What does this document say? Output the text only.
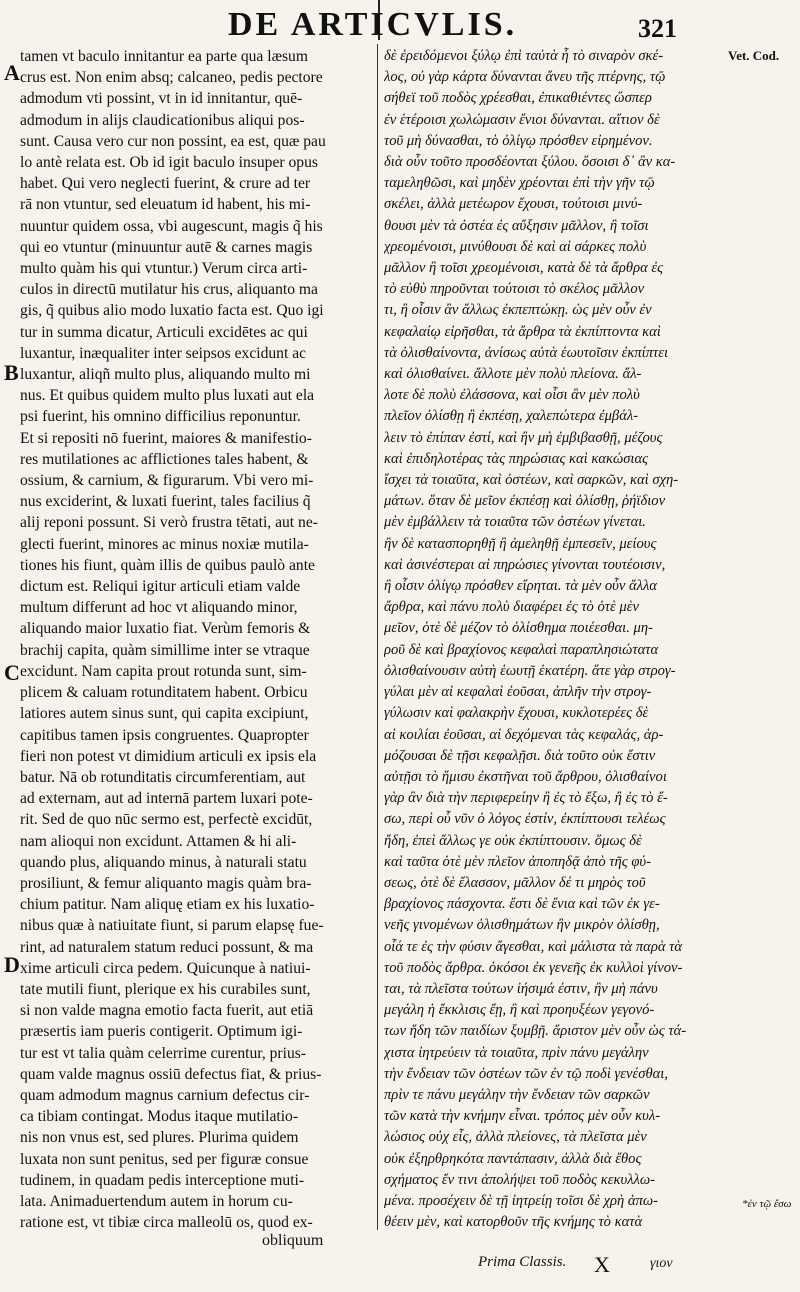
DE ARTICVLIS.	321
Vet. Cod.
A
B
C
D
tamen vt baculo innitantur ea parte qua læsum
crus est. Non enim absq; calcaneo, pedis pectore
admodum vti possint, vt in id innitantur, quē-
admodum in alijs claudicationibus aliqui pos-
sunt. Causa vero cur non possint, ea est, quæ pau
lo antè relata est. Ob id igit baculo insuper opus
habet. Qui vero neglecti fuerint, & crure ad ter
rā non vtuntur, sed eleuatum id habent, his mi-
nuuntur quidem ossa, vbi augescunt, magis q̃ his
qui eo vtuntur (minuuntur autē & carnes magis
multo quàm his qui vtuntur.) Verum circa arti-
culos in directū mutilatur his crus, aliquanto ma
gis, q̃ quibus alio modo luxatio facta est. Quo igi
tur in summa dicatur, Articuli excidētes ac qui
luxantur, inæqualiter inter seipsos excidunt ac
luxantur, aliqñ multo plus, aliquando multo mi
nus. Et quibus quidem multo plus luxati aut ela
psi fuerint, his omnino difficilius reponuntur.
Et si repositi nō fuerint, maiores & manifestio-
res mutilationes ac afflictiones tales habent, &
ossium, & carnium, & figurarum. Vbi vero mi-
nus exciderint, & luxati fuerint, tales facilius q̃
alij reponi possunt. Si verò frustra tētati, aut ne-
glecti fuerint, minores ac minus noxiæ mutila-
tiones his fiunt, quàm illis de quibus paulò ante
dictum est. Reliqui igitur articuli etiam valde
multum differunt ad hoc vt aliquando minor,
aliquando maior luxatio fiat. Verùm femoris &
brachij capita, quàm simillime inter se vtraque
excidunt. Nam capita prout rotunda sunt, sim-
plicem & caluam rotunditatem habent. Orbicu
latiores autem sinus sunt, qui capita excipiunt,
capitibus tamen ipsis congruentes. Quapropter
fieri non potest vt dimidium articuli ex ipsis ela
batur. Nā ob rotunditatis circumferentiam, aut
ad externam, aut ad internā partem luxari pote-
rit. Sed de quo nūc sermo est, perfectè excidūt,
nam alioqui non excidunt. Attamen & hi ali-
quando plus, aliquando minus, à naturali statu
prosiliunt, & femur aliquanto magis quàm bra-
chium patitur. Nam aliquę etiam ex his luxatio-
nibus quæ à natiuitate fiunt, si parum elapsę fue-
rint, ad naturalem statum reduci possunt, & ma
xime articuli circa pedem. Quicunque à natiui-
tate mutili fiunt, plerique ex his curabiles sunt,
si non valde magna emotio facta fuerit, aut etiā
præsertis iam pueris contigerit. Optimum igi-
tur est vt talia quàm celerrime curentur, prius-
quam valde magnus ossiū defectus fiat, & prius-
quam admodum magnus carnium defectus cir-
ca tibiam contingat. Modus itaque mutilatio-
nis non vnus est, sed plures. Plurima quidem
luxata non sunt penitus, sed per figuræ consue
tudinem, in quadam pedis interceptione muti-
lata. Animaduertendum autem in horum cu-
ratione est, vt tibiæ circa malleolū os, quod ex-
δὲ ἐρειδόμενοι ξύλῳ ἐπὶ ταὐτὰ ἧ τὸ σιναρὸν σκέ-
λος, οὐ γὰρ κάρτα δύνανται ἄνευ τῆς πτέρνης, τῷ
σήθεϊ τοῦ ποδὸς χρέεσθαι, ἐπικαθιέντες ὥσπερ
ἐν ἑτέροισι χωλώμασιν ἔνιοι δύνανται. αἴτιον δὲ
τοῦ μὴ δύνασθαι, τὸ ὀλίγῳ πρόσθεν εἰρημένον.
διὰ οὖν τοῦτο προσδέονται ξύλου. ὅσοισι δ᾽ ἂν κα-
ταμεληθῶσι, καὶ μηδὲν χρέονται ἐπὶ τὴν γῆν τῷ
σκέλει, ἀλλὰ μετέωρον ἔχουσι, τούτοισι μινύ-
θουσι μὲν τὰ ὀστέα ἐς αὔξησιν μᾶλλον, ἢ τοῖσι
χρεομένοισι, μινύθουσι δὲ καὶ αἱ σάρκες πολὺ
μᾶλλον ἢ τοῖσι χρεομένοισι, κατὰ δὲ τὰ ἄρθρα ἐς
τὸ εὐθὺ πηροῦνται τούτοισι τὸ σκέλος μᾶλλον
τι, ἢ οἷσιν ἂν ἄλλως ἐκπεπτώκῃ. ὡς μὲν οὖν ἐν
κεφαλαίῳ εἰρῆσθαι, τὰ ἄρθρα τὰ ἐκπίπτοντα καὶ
τὰ ὀλισθαίνοντα, ἀνίσως αὐτὰ ἑωυτοῖσιν ἐκπίπτει
καὶ ὀλισθαίνει. ἄλλοτε μὲν πολὺ πλείονα. ἄλ-
λοτε δὲ πολὺ ἐλάσσονα, καὶ οἷσι ἂν μὲν πολὺ
πλεῖον ὀλίσθῃ ἢ ἐκπέσῃ, χαλεπώτερα ἐμβάλ-
λειν τὸ ἐπίπαν ἐστί, καὶ ἢν μὴ ἐμβιβασθῇ, μέζους
καὶ ἐπιδηλοτέρας τὰς πηρώσιας καὶ κακώσιας
ἴσχει τὰ τοιαῦτα, καὶ ὀστέων, καὶ σαρκῶν, καὶ σχη-
μάτων. ὅταν δὲ μεῖον ἐκπέσῃ καὶ ὀλίσθῃ, ῥήϊδιον
μὲν ἐμβάλλειν τὰ τοιαῦτα τῶν ὀστέων γίνεται.
ἢν δὲ κατασπορηθῇ ἢ ἀμεληθῇ ἐμπεσεῖν, μείους
καὶ ἀσινέστεραι αἱ πηρώσιες γίνονται τουτέοισιν,
ἢ οἷσιν ὀλίγῳ πρόσθεν εἴρηται. τὰ μὲν οὖν ἄλλα
ἄρθρα, καὶ πάνυ πολὺ διαφέρει ἐς τὸ ὁτὲ μὲν
μεῖον, ὁτὲ δὲ μέζον τὸ ὀλίσθημα ποιέεσθαι. μη-
ροῦ δὲ καὶ βραχίονος κεφαλαὶ παραπλησιώτατα
ὀλισθαίνουσιν αὐτὴ ἑωυτῇ ἑκατέρη. ἅτε γὰρ στρογ-
γύλαι μὲν αἱ κεφαλαὶ ἐοῦσαι, ἁπλῆν τὴν στρογ-
γύλωσιν καὶ φαλακρὴν ἔχουσι, κυκλοτερέες δὲ
αἱ κοιλίαι ἐοῦσαι, αἱ δεχόμεναι τὰς κεφαλάς, ἁρ-
μόζουσαι δὲ τῇσι κεφαλῇσι. διὰ τοῦτο οὐκ ἔστιν
αὐτῇσι τὸ ἥμισυ ἐκστῆναι τοῦ ἄρθρου, ὀλισθαίνοι
γὰρ ἂν διὰ τὴν περιφερείην ἢ ἐς τὸ ἔξω, ἢ ἐς τὸ ἔ-
σω, περὶ οὗ νῦν ὁ λόγος ἐστίν, ἐκπίπτουσι τελέως
ἤδη, ἐπεὶ ἄλλως γε οὐκ ἐκπίπτουσιν. ὅμως δὲ
καὶ ταῦτα ὁτὲ μὲν πλεῖον ἀποπηδᾷ ἀπὸ τῆς φύ-
σεως, ὁτὲ δὲ ἔλασσον, μᾶλλον δέ τι μηρὸς τοῦ
βραχίονος πάσχοντα. ἔστι δὲ ἔνια καὶ τῶν ἐκ γε-
νεῆς γινομένων ὀλισθημάτων ἢν μικρὸν ὀλίσθῃ,
οἷά τε ἐς τὴν φύσιν ἄγεσθαι, καὶ μάλιστα τὰ παρὰ τὰ
τοῦ ποδὸς ἄρθρα. ὁκόσοι ἐκ γενεῆς ἐκ κυλλοὶ γίνον-
ται, τὰ πλεῖστα τούτων ἰήσιμά ἐστιν, ἢν μὴ πάνυ
μεγάλη ἡ ἔκκλισις ἔῃ, ἢ καὶ προηυξέων γεγονό-
των ἤδη τῶν παιδίων ξυμβῇ. ἄριστον μὲν οὖν ὡς τά-
χιστα ἰητρεύειν τὰ τοιαῦτα, πρὶν πάνυ μεγάλην
τὴν ἔνδειαν τῶν ὀστέων τῶν ἐν τῷ ποδὶ γενέσθαι,
πρὶν τε πάνυ μεγάλην τὴν ἔνδειαν τῶν σαρκῶν
τῶν κατὰ τὴν κνήμην εἶναι. τρόπος μὲν οὖν κυλ-
λώσιος οὐχ εἷς, ἀλλὰ πλείονες, τὰ πλεῖστα μὲν
οὐκ ἐξηρθρηκότα παντάπασιν, ἀλλὰ διὰ ἔθος
σχήματος ἔν τινι ἀπολήψει τοῦ ποδὸς κεκυλλω-
μένα. προσέχειν δὲ τῇ ἰητρείῃ τοῖσι δὲ χρὴ ἀπω-
θέειν μὲν, καὶ κατορθοῦν τῆς κνήμης τὸ κατὰ
*ἐν τῷ ἔσω
obliquum
Prima Classis. X	γιον
